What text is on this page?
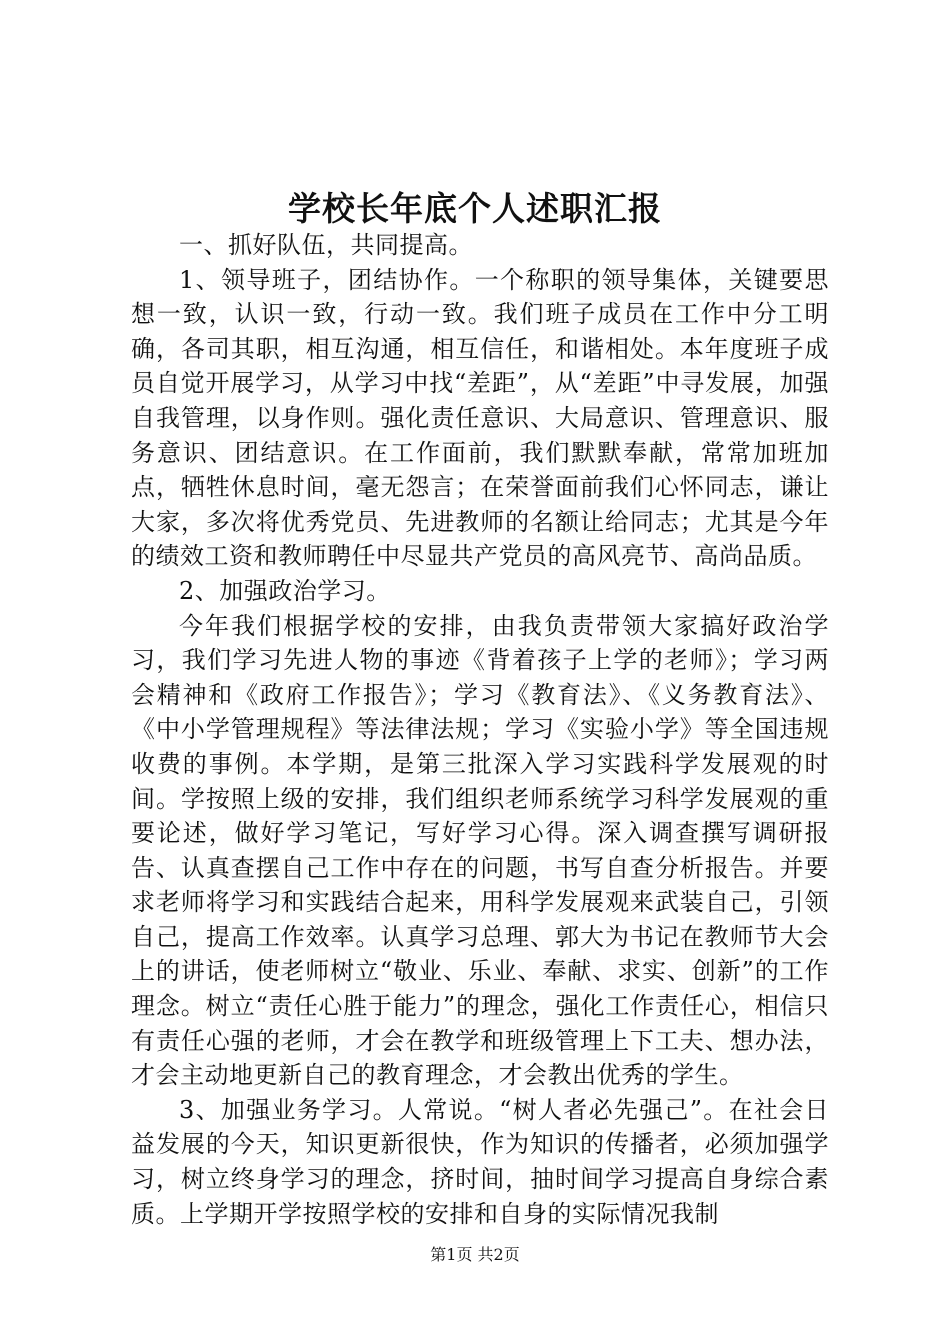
学校长年底个人述职汇报

一、抓好队伍，共同提高。

1、领导班子，团结协作。一个称职的领导集体，关键要思想一致，认识一致，行动一致。我们班子成员在工作中分工明确，各司其职，相互沟通，相互信任，和谐相处。本年度班子成员自觉开展学习，从学习中找“差距”，从“差距”中寻发展，加强自我管理，以身作则。强化责任意识、大局意识、管理意识、服务意识、团结意识。在工作面前，我们默默奉献，常常加班加点，牺牲休息时间，毫无怨言；在荣誉面前我们心怀同志，谦让大家，多次将优秀党员、先进教师的名额让给同志；尤其是今年的绩效工资和教师聘任中尽显共产党员的高风亮节、高尚品质。

2、加强政治学习。

今年我们根据学校的安排，由我负责带领大家搞好政治学习，我们学习先进人物的事迹《背着孩子上学的老师》；学习两会精神和《政府工作报告》；学习《教育法》、《义务教育法》、《中小学管理规程》等法律法规；学习《实验小学》等全国违规收费的事例。本学期，是第三批深入学习实践科学发展观的时间。学按照上级的安排，我们组织老师系统学习科学发展观的重要论述，做好学习笔记，写好学习心得。深入调查撰写调研报告、认真查摆自己工作中存在的问题，书写自查分析报告。并要求老师将学习和实践结合起来，用科学发展观来武装自己，引领自己，提高工作效率。认真学习总理、郭大为书记在教师节大会上的讲话，使老师树立“敬业、乐业、奉献、求实、创新”的工作理念。树立“责任心胜于能力”的理念，强化工作责任心，相信只有责任心强的老师，才会在教学和班级管理上下工夫、想办法，才会主动地更新自己的教育理念，才会教出优秀的学生。

3、加强业务学习。人常说。“树人者必先强己”。在社会日益发展的今天，知识更新很快，作为知识的传播者，必须加强学习，树立终身学习的理念，挤时间，抽时间学习提高自身综合素质。上学期开学按照学校的安排和自身的实际情况我制

第1页 共2页
